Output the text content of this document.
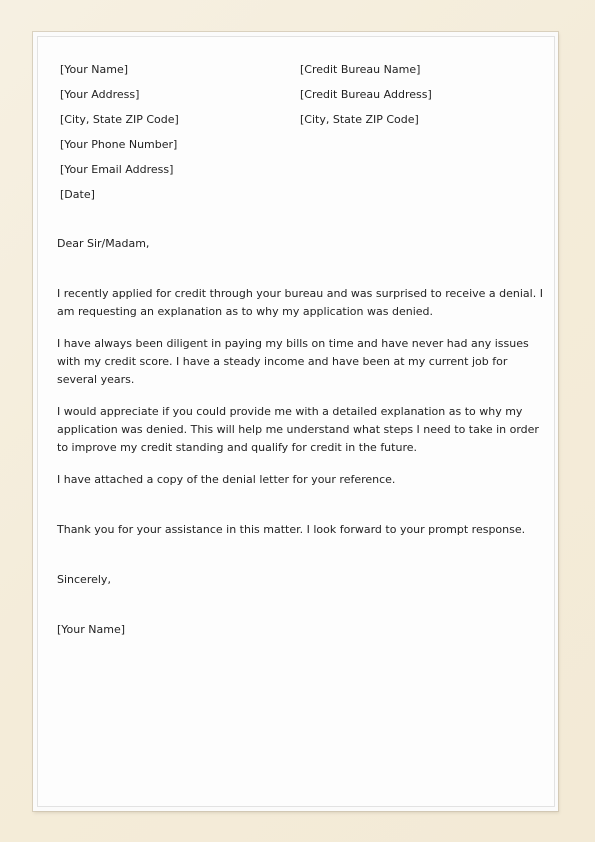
[Your Name]
[Your Address]
[City, State ZIP Code]
[Your Phone Number]
[Your Email Address]
[Date]
[Credit Bureau Name]
[Credit Bureau Address]
[City, State ZIP Code]

Dear Sir/Madam,

I recently applied for credit through your bureau and was surprised to receive a denial. I am requesting an explanation as to why my application was denied.

I have always been diligent in paying my bills on time and have never had any issues with my credit score. I have a steady income and have been at my current job for several years.

I would appreciate if you could provide me with a detailed explanation as to why my application was denied. This will help me understand what steps I need to take in order to improve my credit standing and qualify for credit in the future.

I have attached a copy of the denial letter for your reference.

Thank you for your assistance in this matter. I look forward to your prompt response.

Sincerely,

[Your Name]
